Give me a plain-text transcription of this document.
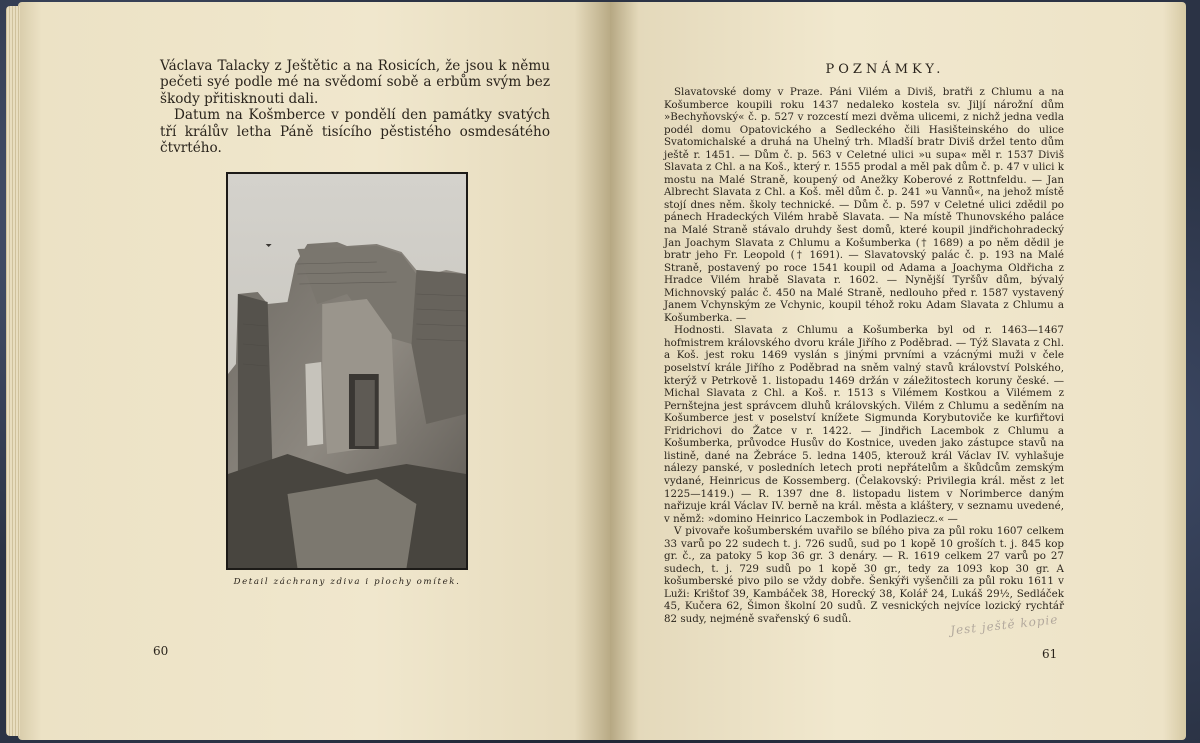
Václava Talacky z Ještětic a na Rosicích, že jsou k němu pečeti syé podle mé na svědomí sobě a erbům svým bez škody přitisknouti dali.

Datum na Košmberce v pondělí den památky svatých tří králův letha Páně tisícího pěstistého osmdesátého čtvrtého.

Detail záchrany zdiva i plochy omítek.
60
POZNÁMKY.

Slavatovské domy v Praze. Páni Vilém a Diviš, bratři z Chlumu a na Košumberce koupili roku 1437 nedaleko kostela sv. Jiljí nárožní dům »Bechyňovský« č. p. 527 v rozcestí mezi dvěma ulicemi, z nichž jedna vedla podél domu Opatovického a Sedleckého čili Hasišteinského do ulice Svatomichalské a druhá na Uhelný trh. Mladší bratr Diviš držel tento dům ještě r. 1451. — Dům č. p. 563 v Celetné ulici »u supa« měl r. 1537 Diviš Slavata z Chl. a na Koš., který r. 1555 prodal a měl pak dům č. p. 47 v ulici k mostu na Malé Straně, koupený od Anežky Koberové z Rottnfeldu. — Jan Albrecht Slavata z Chl. a Koš. měl dům č. p. 241 »u Vannů«, na jehož místě stojí dnes něm. školy technické. — Dům č. p. 597 v Celetné ulici zdědil po pánech Hradeckých Vilém hrabě Slavata. — Na místě Thunovského paláce na Malé Straně stávalo druhdy šest domů, které koupil jindřichohradecký Jan Joachym Slavata z Chlumu a Košumberka († 1689) a po něm dědil je bratr jeho Fr. Leopold († 1691). — Slavatovský palác č. p. 193 na Malé Straně, postavený po roce 1541 koupil od Adama a Joachyma Oldřicha z Hradce Vilém hrabě Slavata r. 1602. — Nynější Tyršův dům, bývalý Michnovský palác č. 450 na Malé Straně, nedlouho před r. 1587 vystavený Janem Vchynským ze Vchynic, koupil téhož roku Adam Slavata z Chlumu a Košumberka. —

Hodnosti. Slavata z Chlumu a Košumberka byl od r. 1463—1467 hofmistrem královského dvoru krále Jiřího z Poděbrad. — Týž Slavata z Chl. a Koš. jest roku 1469 vyslán s jinými prvními a vzácnými muži v čele poselství krále Jiřího z Poděbrad na sněm valný stavů království Polského, kterýž v Petrkově 1. listopadu 1469 držán v záležitostech koruny české. — Michal Slavata z Chl. a Koš. r. 1513 s Vilémem Kostkou a Vilémem z Pernštejna jest správcem dluhů královských. Vilém z Chlumu a seděním na Košumberce jest v poselství knížete Sigmunda Korybutoviče ke kurfiřtovi Fridrichovi do Žatce v r. 1422. — Jindřich Lacembok z Chlumu a Košumberka, průvodce Husův do Kostnice, uveden jako zástupce stavů na listině, dané na Žebráce 5. ledna 1405, kterouž král Václav IV. vyhlašuje nálezy panské, v posledních letech proti nepřátelům a škůdcům zemským vydané, Heinricus de Kossemberg. (Čelakovský: Privilegia král. měst z let 1225—1419.) — R. 1397 dne 8. listopadu listem v Norimberce daným nařizuje král Václav IV. berně na král. města a kláštery, v seznamu uvedené, v němž: »domino Heinrico Laczembok in Podlaziecz.« —

V pivovaře košumberském uvařilo se bílého piva za půl roku 1607 celkem 33 varů po 22 sudech t. j. 726 sudů, sud po 1 kopě 10 groších t. j. 845 kop gr. č., za patoky 5 kop 36 gr. 3 denáry. — R. 1619 celkem 27 varů po 27 sudech, t. j. 729 sudů po 1 kopě 30 gr., tedy za 1093 kop 30 gr. A košumberské pivo pilo se vždy dobře. Šenkýři vyšenčili za půl roku 1611 v Luži: Krištof 39, Kambáček 38, Horecký 38, Kolář 24, Lukáš 29½, Sedláček 45, Kučera 62, Šimon školní 20 sudů. Z vesnických nejvíce lozický rychtář 82 sudy, nejméně svařenský 6 sudů.	Jest ještě kopie
61
